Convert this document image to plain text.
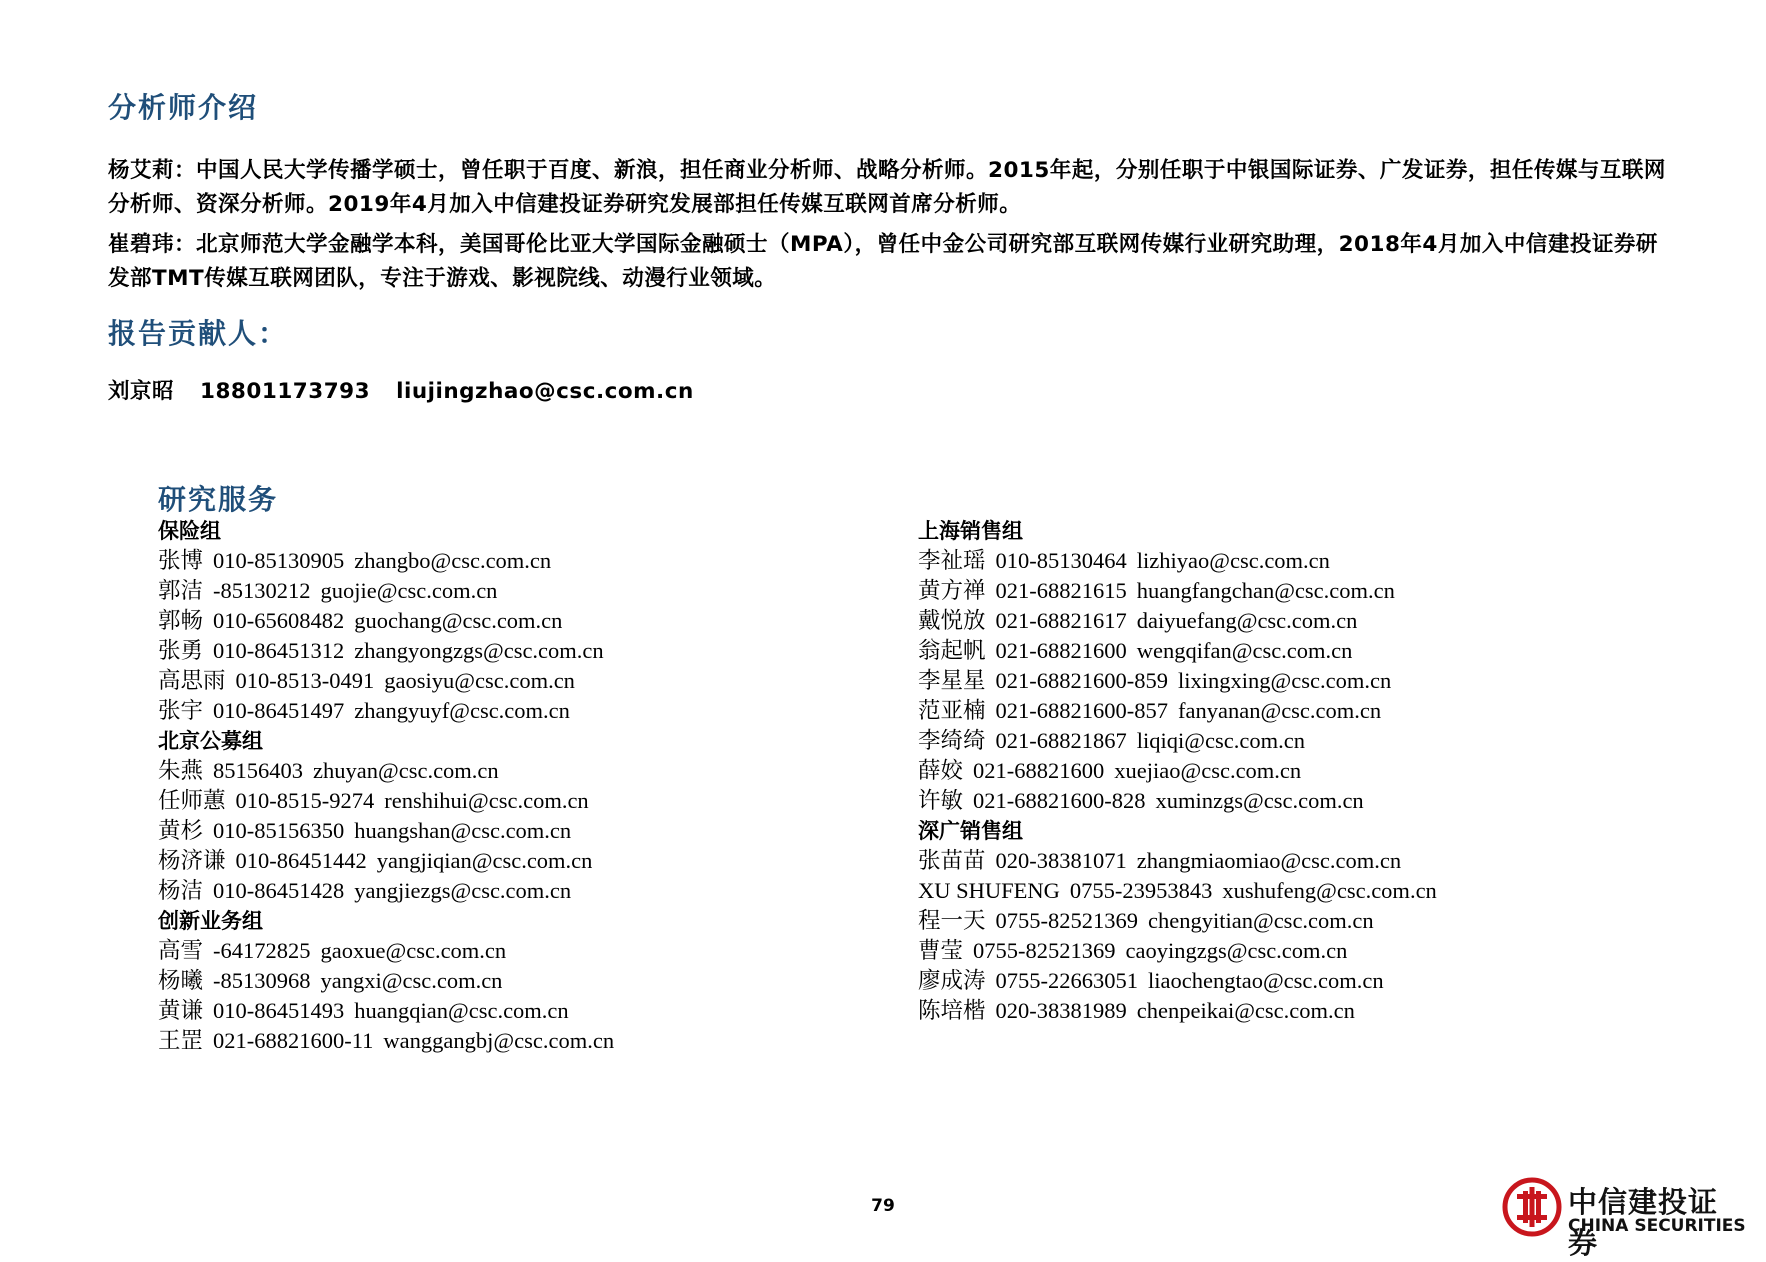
分析师介绍

杨艾莉：中国人民大学传播学硕士，曾任职于百度、新浪，担任商业分析师、战略分析师。2015年起，分别任职于中银国际证券、广发证券，担任传媒与互联网分析师、资深分析师。2019年4月加入中信建投证券研究发展部担任传媒互联网首席分析师。

崔碧玮：北京师范大学金融学本科，美国哥伦比亚大学国际金融硕士（MPA），曾任中金公司研究部互联网传媒行业研究助理，2018年4月加入中信建投证券研发部TMT传媒互联网团队，专注于游戏、影视院线、动漫行业领域。

报告贡献人：
刘京昭 18801173793 liujingzhao@csc.com.cn
研究服务
保险组
张博 010-85130905 zhangbo@csc.com.cn
郭洁 -85130212 guojie@csc.com.cn
郭畅 010-65608482 guochang@csc.com.cn
张勇 010-86451312 zhangyongzgs@csc.com.cn
高思雨 010-8513-0491 gaosiyu@csc.com.cn
张宇 010-86451497 zhangyuyf@csc.com.cn
北京公募组
朱燕 85156403 zhuyan@csc.com.cn
任师蕙 010-8515-9274 renshihui@csc.com.cn
黄杉 010-85156350 huangshan@csc.com.cn
杨济谦 010-86451442 yangjiqian@csc.com.cn
杨洁 010-86451428 yangjiezgs@csc.com.cn
创新业务组
高雪 -64172825 gaoxue@csc.com.cn
杨曦 -85130968 yangxi@csc.com.cn
黄谦 010-86451493 huangqian@csc.com.cn
王罡 021-68821600-11 wanggangbj@csc.com.cn
上海销售组
李祉瑶 010-85130464 lizhiyao@csc.com.cn
黄方禅 021-68821615 huangfangchan@csc.com.cn
戴悦放 021-68821617 daiyuefang@csc.com.cn
翁起帆 021-68821600 wengqifan@csc.com.cn
李星星 021-68821600-859 lixingxing@csc.com.cn
范亚楠 021-68821600-857 fanyanan@csc.com.cn
李绮绮 021-68821867 liqiqi@csc.com.cn
薛姣 021-68821600 xuejiao@csc.com.cn
许敏 021-68821600-828 xuminzgs@csc.com.cn
深广销售组
张苗苗 020-38381071 zhangmiaomiao@csc.com.cn
XU SHUFENG 0755-23953843 xushufeng@csc.com.cn
程一天 0755-82521369 chengyitian@csc.com.cn
曹莹 0755-82521369 caoyingzgs@csc.com.cn
廖成涛 0755-22663051 liaochengtao@csc.com.cn
陈培楷 020-38381989 chenpeikai@csc.com.cn
79	中信建投证券
CHINA SECURITIES
